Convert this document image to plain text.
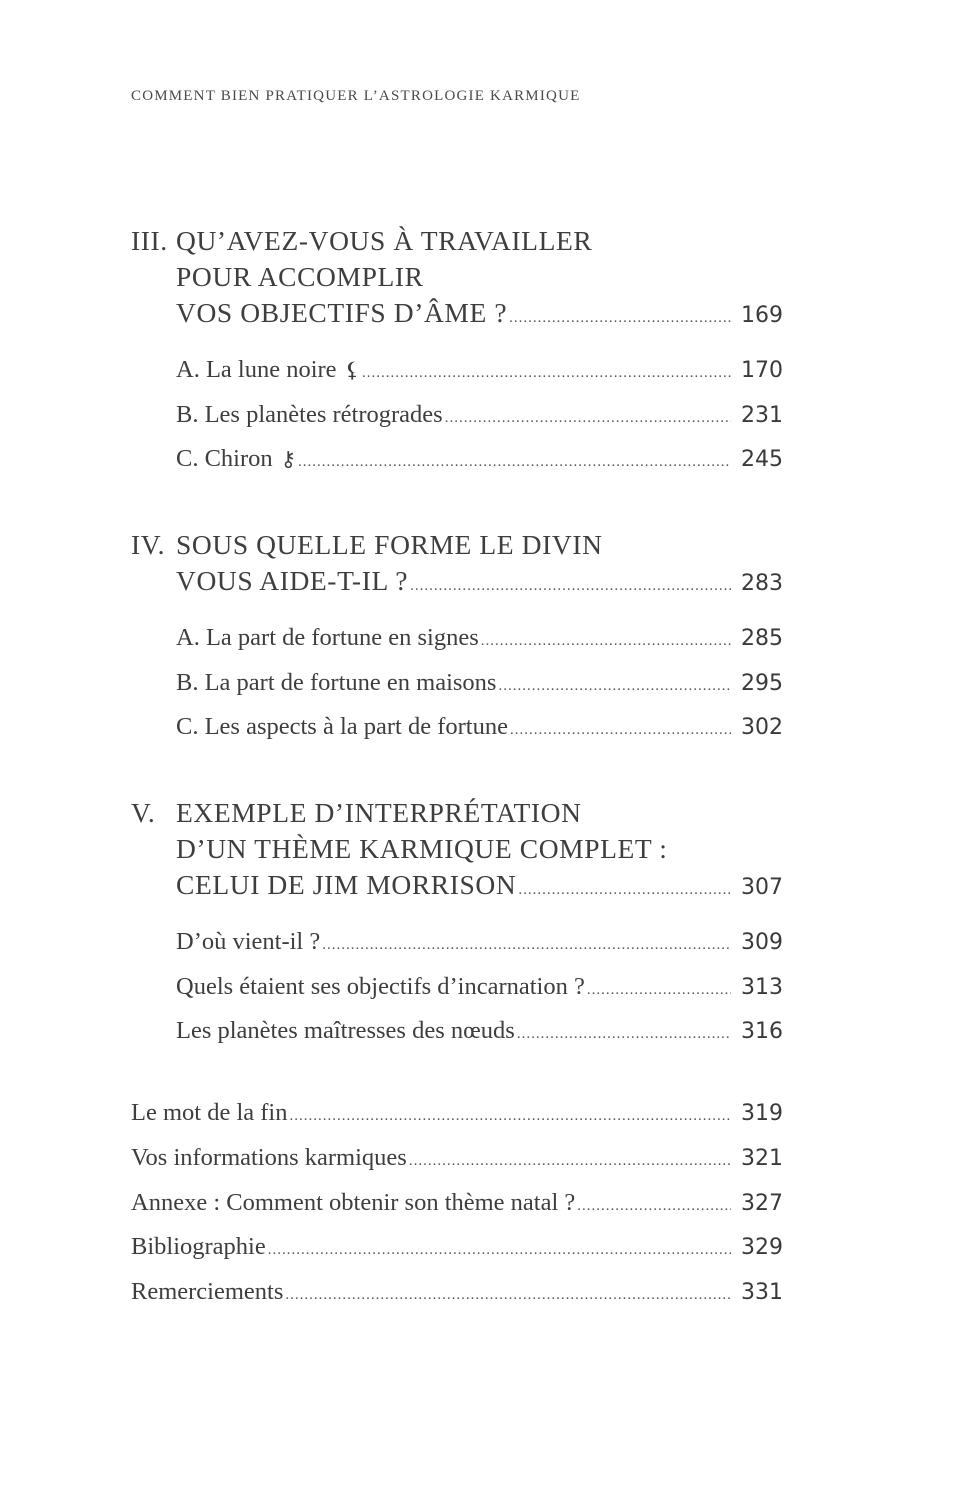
COMMENT BIEN PRATIQUER L’ASTROLOGIE KARMIQUE
III. QU’AVEZ-VOUS À TRAVAILLER
POUR ACCOMPLIR
VOS OBJECTIFS D’ÂME ? .....	169
A. La lune noire ⚸ .....	170
B. Les planètes rétrogrades .....	231
C. Chiron ⚷ .....	245
IV. SOUS QUELLE FORME LE DIVIN
VOUS AIDE-T-IL ? .....	283
A. La part de fortune en signes .....	285
B. La part de fortune en maisons .....	295
C. Les aspects à la part de fortune .....	302
V. EXEMPLE D’INTERPRÉTATION
D’UN THÈME KARMIQUE COMPLET :
CELUI DE JIM MORRISON .....	307
D’où vient-il ? .....	309
Quels étaient ses objectifs d’incarnation ? .....	313
Les planètes maîtresses des nœuds .....	316
Le mot de la fin .....	319
Vos informations karmiques .....	321
Annexe : Comment obtenir son thème natal ? .....	327
Bibliographie .....	329
Remerciements .....	331
